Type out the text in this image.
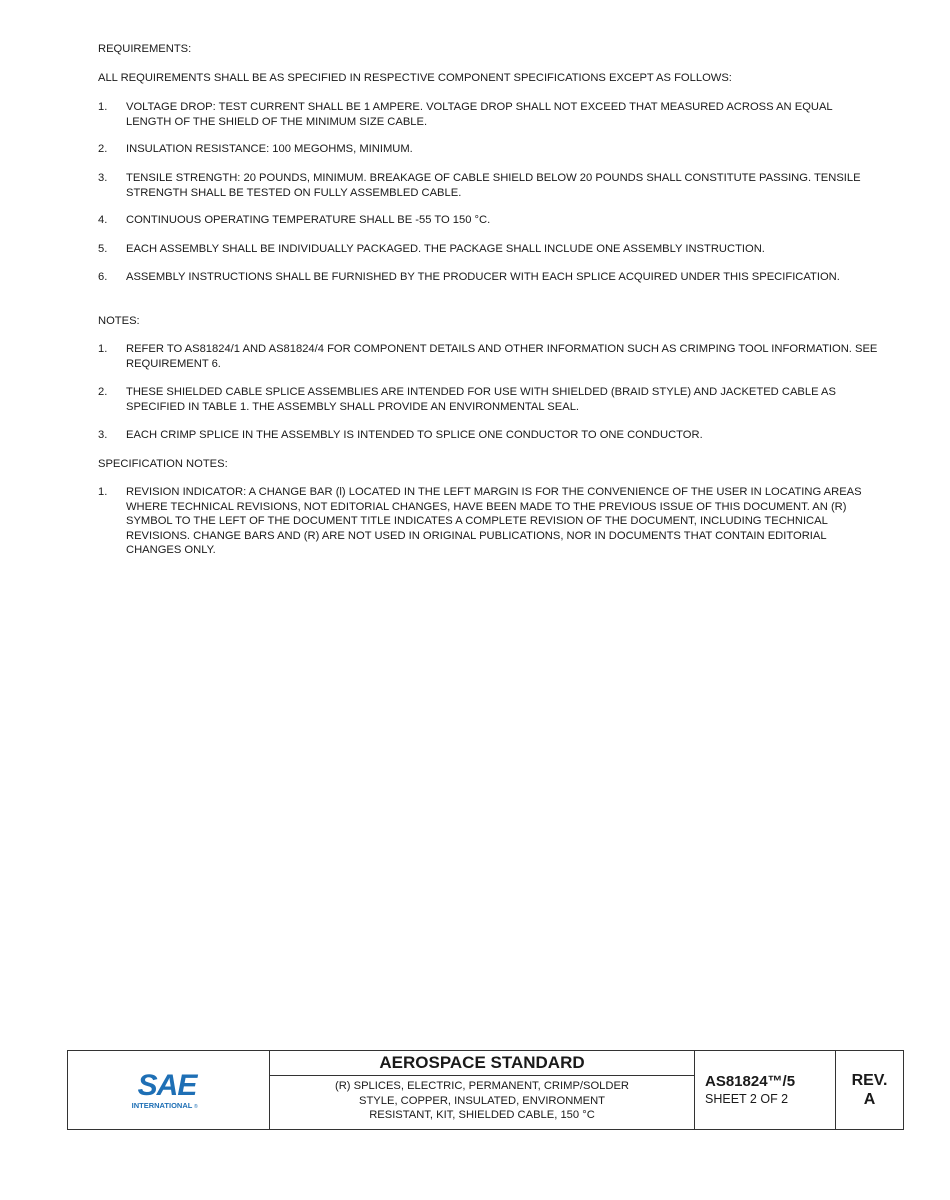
REQUIREMENTS:
ALL REQUIREMENTS SHALL BE AS SPECIFIED IN RESPECTIVE COMPONENT SPECIFICATIONS EXCEPT AS FOLLOWS:
1. VOLTAGE DROP: TEST CURRENT SHALL BE 1 AMPERE. VOLTAGE DROP SHALL NOT EXCEED THAT MEASURED ACROSS AN EQUAL LENGTH OF THE SHIELD OF THE MINIMUM SIZE CABLE.
2. INSULATION RESISTANCE: 100 MEGOHMS, MINIMUM.
3. TENSILE STRENGTH: 20 POUNDS, MINIMUM. BREAKAGE OF CABLE SHIELD BELOW 20 POUNDS SHALL CONSTITUTE PASSING. TENSILE STRENGTH SHALL BE TESTED ON FULLY ASSEMBLED CABLE.
4. CONTINUOUS OPERATING TEMPERATURE SHALL BE -55 TO 150 °C.
5. EACH ASSEMBLY SHALL BE INDIVIDUALLY PACKAGED. THE PACKAGE SHALL INCLUDE ONE ASSEMBLY INSTRUCTION.
6. ASSEMBLY INSTRUCTIONS SHALL BE FURNISHED BY THE PRODUCER WITH EACH SPLICE ACQUIRED UNDER THIS SPECIFICATION.
NOTES:
1. REFER TO AS81824/1 AND AS81824/4 FOR COMPONENT DETAILS AND OTHER INFORMATION SUCH AS CRIMPING TOOL INFORMATION. SEE REQUIREMENT 6.
2. THESE SHIELDED CABLE SPLICE ASSEMBLIES ARE INTENDED FOR USE WITH SHIELDED (BRAID STYLE) AND JACKETED CABLE AS SPECIFIED IN TABLE 1. THE ASSEMBLY SHALL PROVIDE AN ENVIRONMENTAL SEAL.
3. EACH CRIMP SPLICE IN THE ASSEMBLY IS INTENDED TO SPLICE ONE CONDUCTOR TO ONE CONDUCTOR.
SPECIFICATION NOTES:
1. REVISION INDICATOR: A CHANGE BAR (l) LOCATED IN THE LEFT MARGIN IS FOR THE CONVENIENCE OF THE USER IN LOCATING AREAS WHERE TECHNICAL REVISIONS, NOT EDITORIAL CHANGES, HAVE BEEN MADE TO THE PREVIOUS ISSUE OF THIS DOCUMENT. AN (R) SYMBOL TO THE LEFT OF THE DOCUMENT TITLE INDICATES A COMPLETE REVISION OF THE DOCUMENT, INCLUDING TECHNICAL REVISIONS. CHANGE BARS AND (R) ARE NOT USED IN ORIGINAL PUBLICATIONS, NOR IN DOCUMENTS THAT CONTAIN EDITORIAL CHANGES ONLY.
SAE
INTERNATIONAL ®
AEROSPACE STANDARD
(R) SPLICES, ELECTRIC, PERMANENT, CRIMP/SOLDER
STYLE, COPPER, INSULATED, ENVIRONMENT
RESISTANT, KIT, SHIELDED CABLE, 150 °C
AS81824™/5
SHEET 2 OF 2
REV.
A
